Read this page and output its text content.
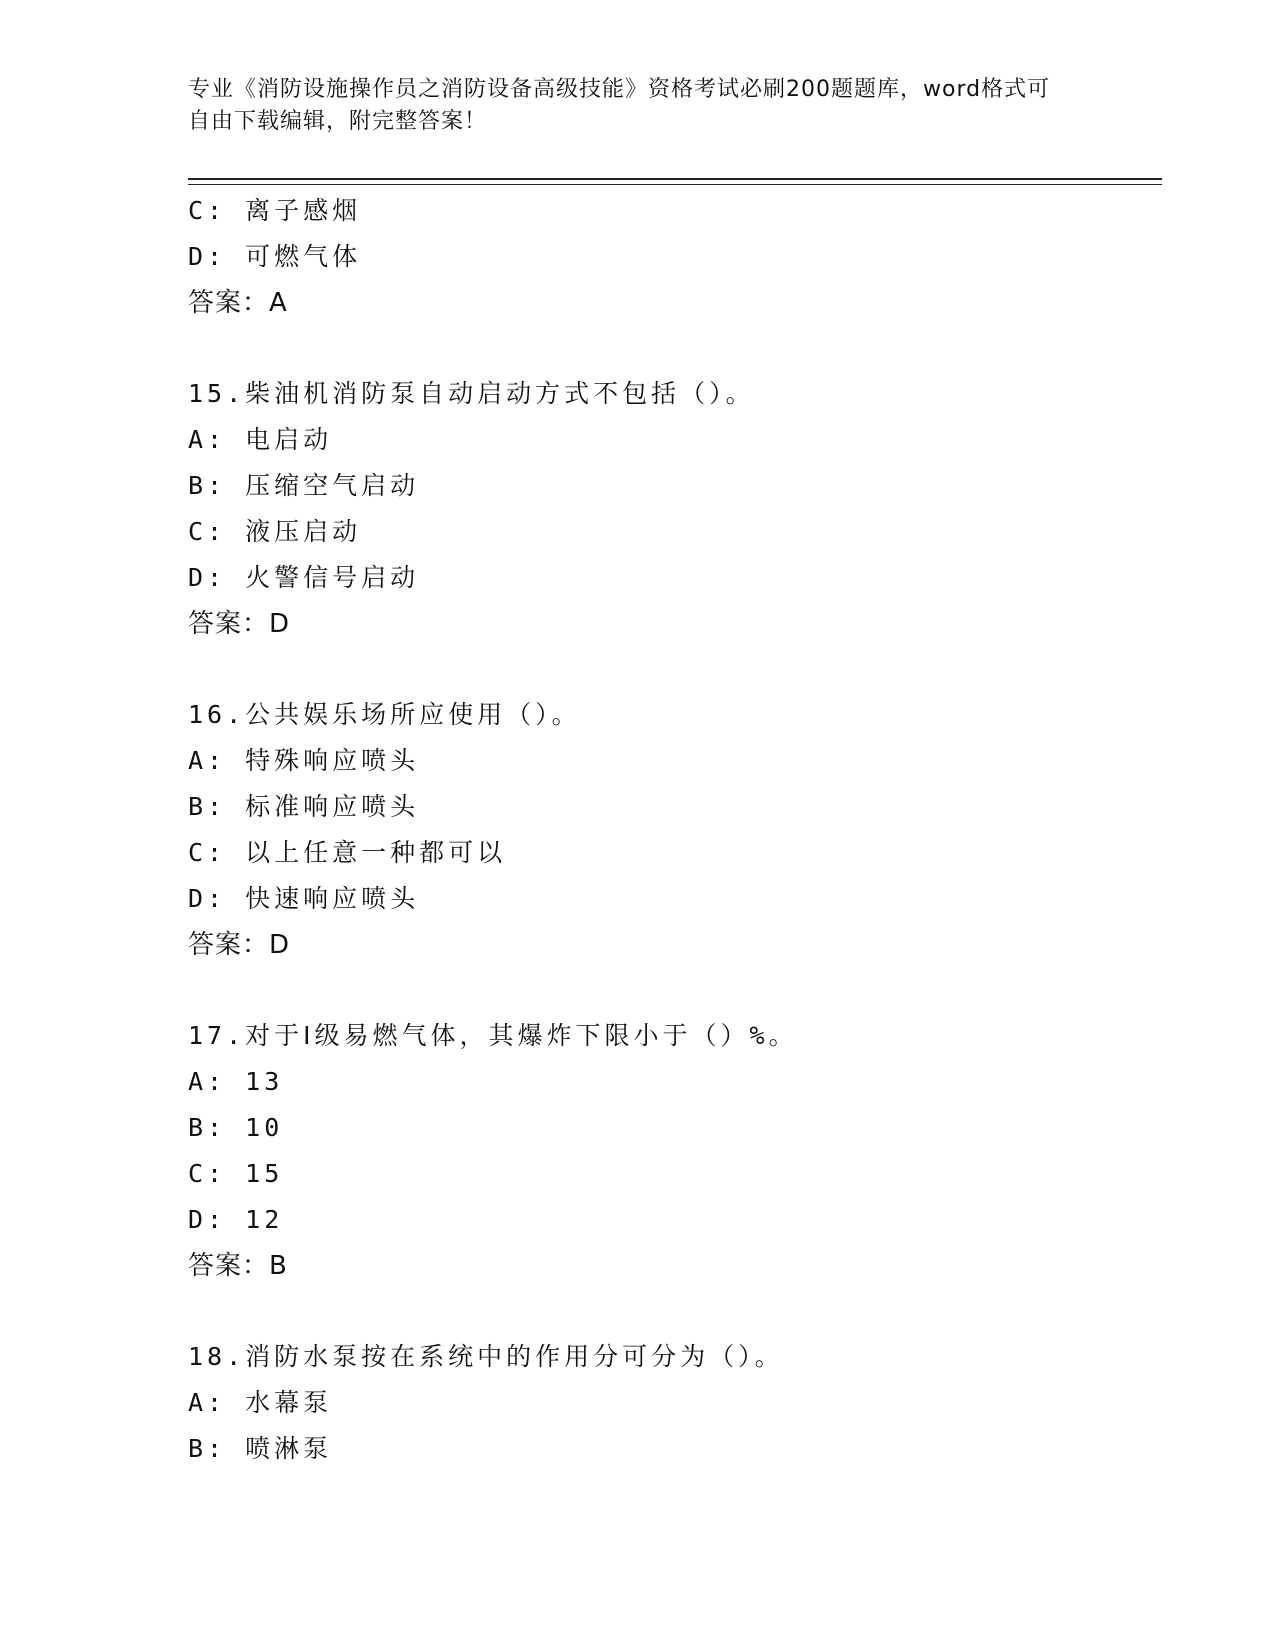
专业《消防设施操作员之消防设备高级技能》资格考试必刷200题题库，word格式可自由下载编辑，附完整答案！
C: 离子感烟
D: 可燃气体
答案：A
15.柴油机消防泵自动启动方式不包括（）。
A: 电启动
B: 压缩空气启动
C: 液压启动
D: 火警信号启动
答案：D
16.公共娱乐场所应使用（）。
A: 特殊响应喷头
B: 标准响应喷头
C: 以上任意一种都可以
D: 快速响应喷头
答案：D
17.对于Ⅰ级易燃气体，其爆炸下限小于（）%。
A: 13
B: 10
C: 15
D: 12
答案：B
18.消防水泵按在系统中的作用分可分为（）。
A: 水幕泵
B: 喷淋泵
